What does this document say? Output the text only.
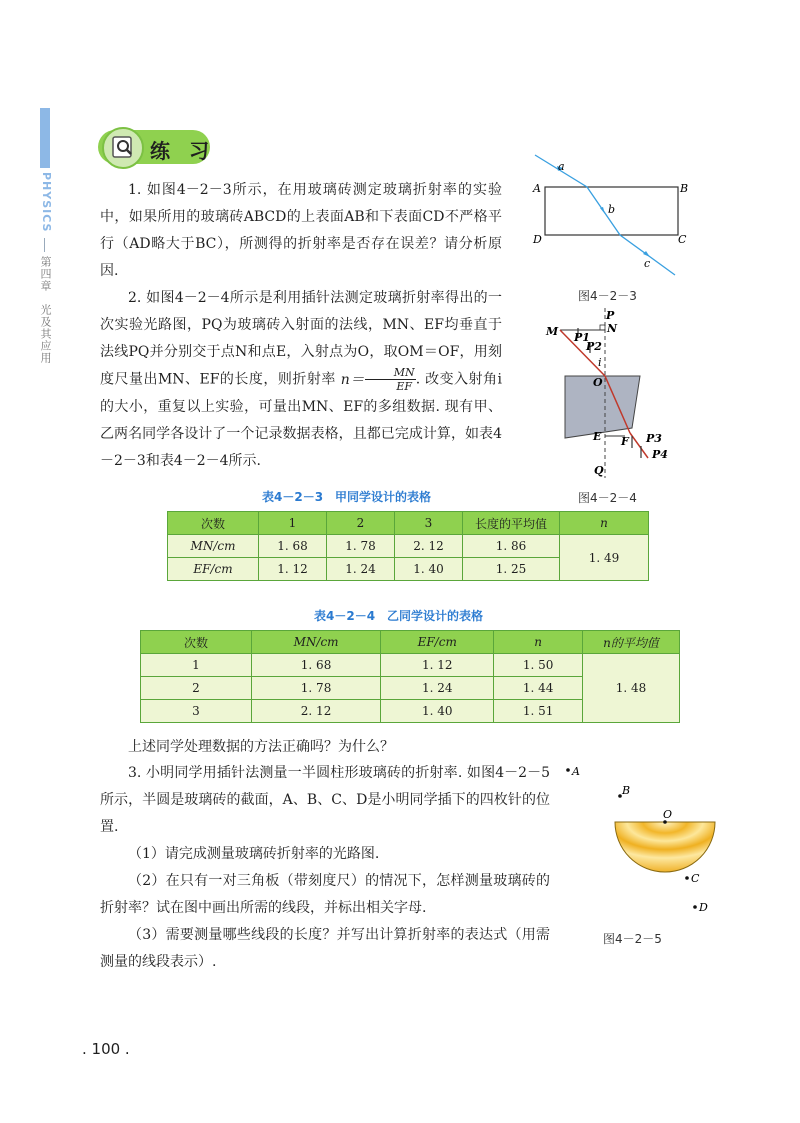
PHYSICS
第四章　光及其应用
练 习

1. 如图4－2－3所示，在用玻璃砖测定玻璃折射率的实验中，如果所用的玻璃砖ABCD的上表面AB和下表面CD不严格平行（AD略大于BC），所测得的折射率是否存在误差？请分析原因.

2. 如图4－2－4所示是利用插针法测定玻璃折射率得出的一次实验光路图，PQ为玻璃砖入射面的法线，MN、EF均垂直于法线PQ并分别交于点N和点E，入射点为O，取OM＝OF，用刻度尺量出MN、EF的长度，则折射率 $n= \frac{MN}{EF}$ . 改变入射角i的大小，重复以上实验，可量出MN、EF的多组数据. 现有甲、乙两名同学各设计了一个记录数据表格，且都已完成计算，如表4－2－3和表4－2－4所示.

a
A	B
b
D	C
c
图4－2－3
P
M P1
N
P2
i
O
E F P3
P4
Q
图4－2－4
表4－2－3　甲同学设计的表格
次数	1	2	3	长度的平均值	n
MN/cm	1. 68	1. 78	2. 12	1. 86	1. 49
EF/cm	1. 12	1. 24	1. 40	1. 25	
表4－2－4　乙同学设计的表格
次数	MN/cm	EF/cm	n	n的平均值
1	1. 68	1. 12	1. 50	1. 48
2	1. 78	1. 24	1. 44	
3	2. 12	1. 40	1. 51	
上述同学处理数据的方法正确吗？为什么？

3. 小明同学用插针法测量一半圆柱形玻璃砖的折射率. 如图4－2－5所示，半圆是玻璃砖的截面，A、B、C、D是小明同学插下的四枚针的位置.

（1）请完成测量玻璃砖折射率的光路图.

（2）在只有一对三角板（带刻度尺）的情况下，怎样测量玻璃砖的折射率？试在图中画出所需的线段，并标出相关字母.

（3）需要测量哪些线段的长度？并写出计算折射率的表达式（用需测量的线段表示）.

A
B
O
C
D
图4－2－5
. 100 .
